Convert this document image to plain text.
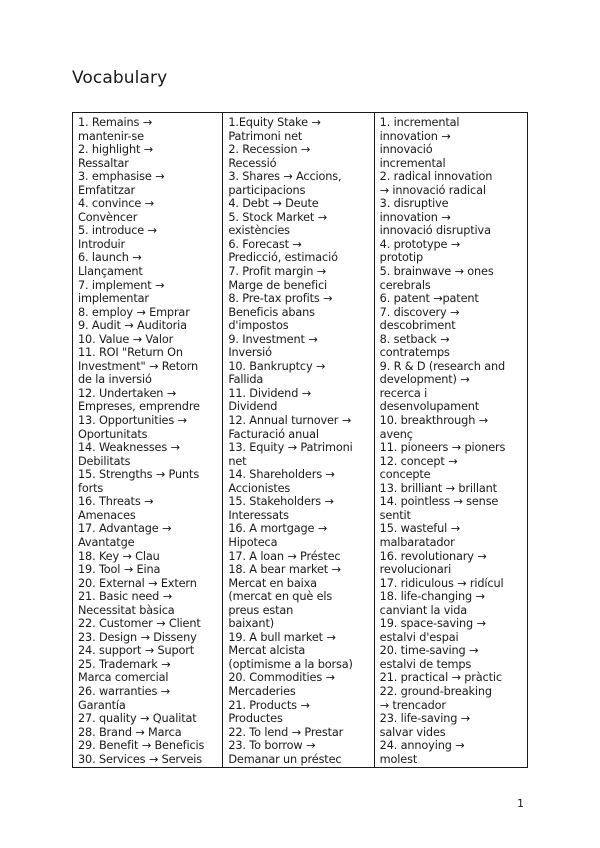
Vocabulary
1. Remains →
mantenir-se
2. highlight →
Ressaltar
3. emphasise →
Emfatitzar
4. convince →
Convèncer
5. introduce →
Introduir
6. launch →
Llançament
7. implement →
implementar
8. employ → Emprar
9. Audit → Auditoria
10. Value → Valor
11. ROI "Return On
Investment" → Retorn
de la inversió
12. Undertaken →
Empreses, emprendre
13. Opportunities →
Oportunitats
14. Weaknesses →
Debilitats
15. Strengths → Punts
forts
16. Threats →
Amenaces
17. Advantage →
Avantatge
18. Key → Clau
19. Tool → Eina
20. External → Extern
21. Basic need →
Necessitat bàsica
22. Customer → Client
23. Design → Disseny
24. support → Suport
25. Trademark →
Marca comercial
26. warranties →
Garantía
27. quality → Qualitat
28. Brand → Marca
29. Benefit → Beneficis
30. Services → Serveis
1.Equity Stake →
Patrimoni net
2. Recession →
Recessió
3. Shares → Accions,
participacions
4. Debt → Deute
5. Stock Market →
existències
6. Forecast →
Predicció, estimació
7. Profit margin →
Marge de benefici
8. Pre-tax profits →
Beneficis abans
d'impostos
9. Investment →
Inversió
10. Bankruptcy →
Fallida
11. Dividend →
Dividend
12. Annual turnover →
Facturació anual
13. Equity → Patrimoni
net
14. Shareholders →
Accionistes
15. Stakeholders →
Interessats
16. A mortgage →
Hipoteca
17. A loan → Préstec
18. A bear market →
Mercat en baixa
(mercat en què els
preus estan
baixant)
19. A bull market →
Mercat alcista
(optimisme a la borsa)
20. Commodities →
Mercaderies
21. Products →
Productes
22. To lend → Prestar
23. To borrow →
Demanar un préstec
1. incremental
innovation →
innovació
incremental
2. radical innovation
→ innovació radical
3. disruptive
innovation →
innovació disruptiva
4. prototype →
prototip
5. brainwave → ones
cerebrals
6. patent →patent
7. discovery →
descobriment
8. setback →
contratemps
9. R & D (research and
development) →
recerca i
desenvolupament
10. breakthrough →
avenç
11. pioneers → pioners
12. concept →
concepte
13. brilliant → brillant
14. pointless → sense
sentit
15. wasteful →
malbaratador
16. revolutionary →
revolucionari
17. ridiculous → ridícul
18. life-changing →
canviant la vida
19. space-saving →
estalvi d'espai
20. time-saving →
estalvi de temps
21. practical → pràctic
22. ground-breaking
→ trencador
23. life-saving →
salvar vides
24. annoying →
molest
1
